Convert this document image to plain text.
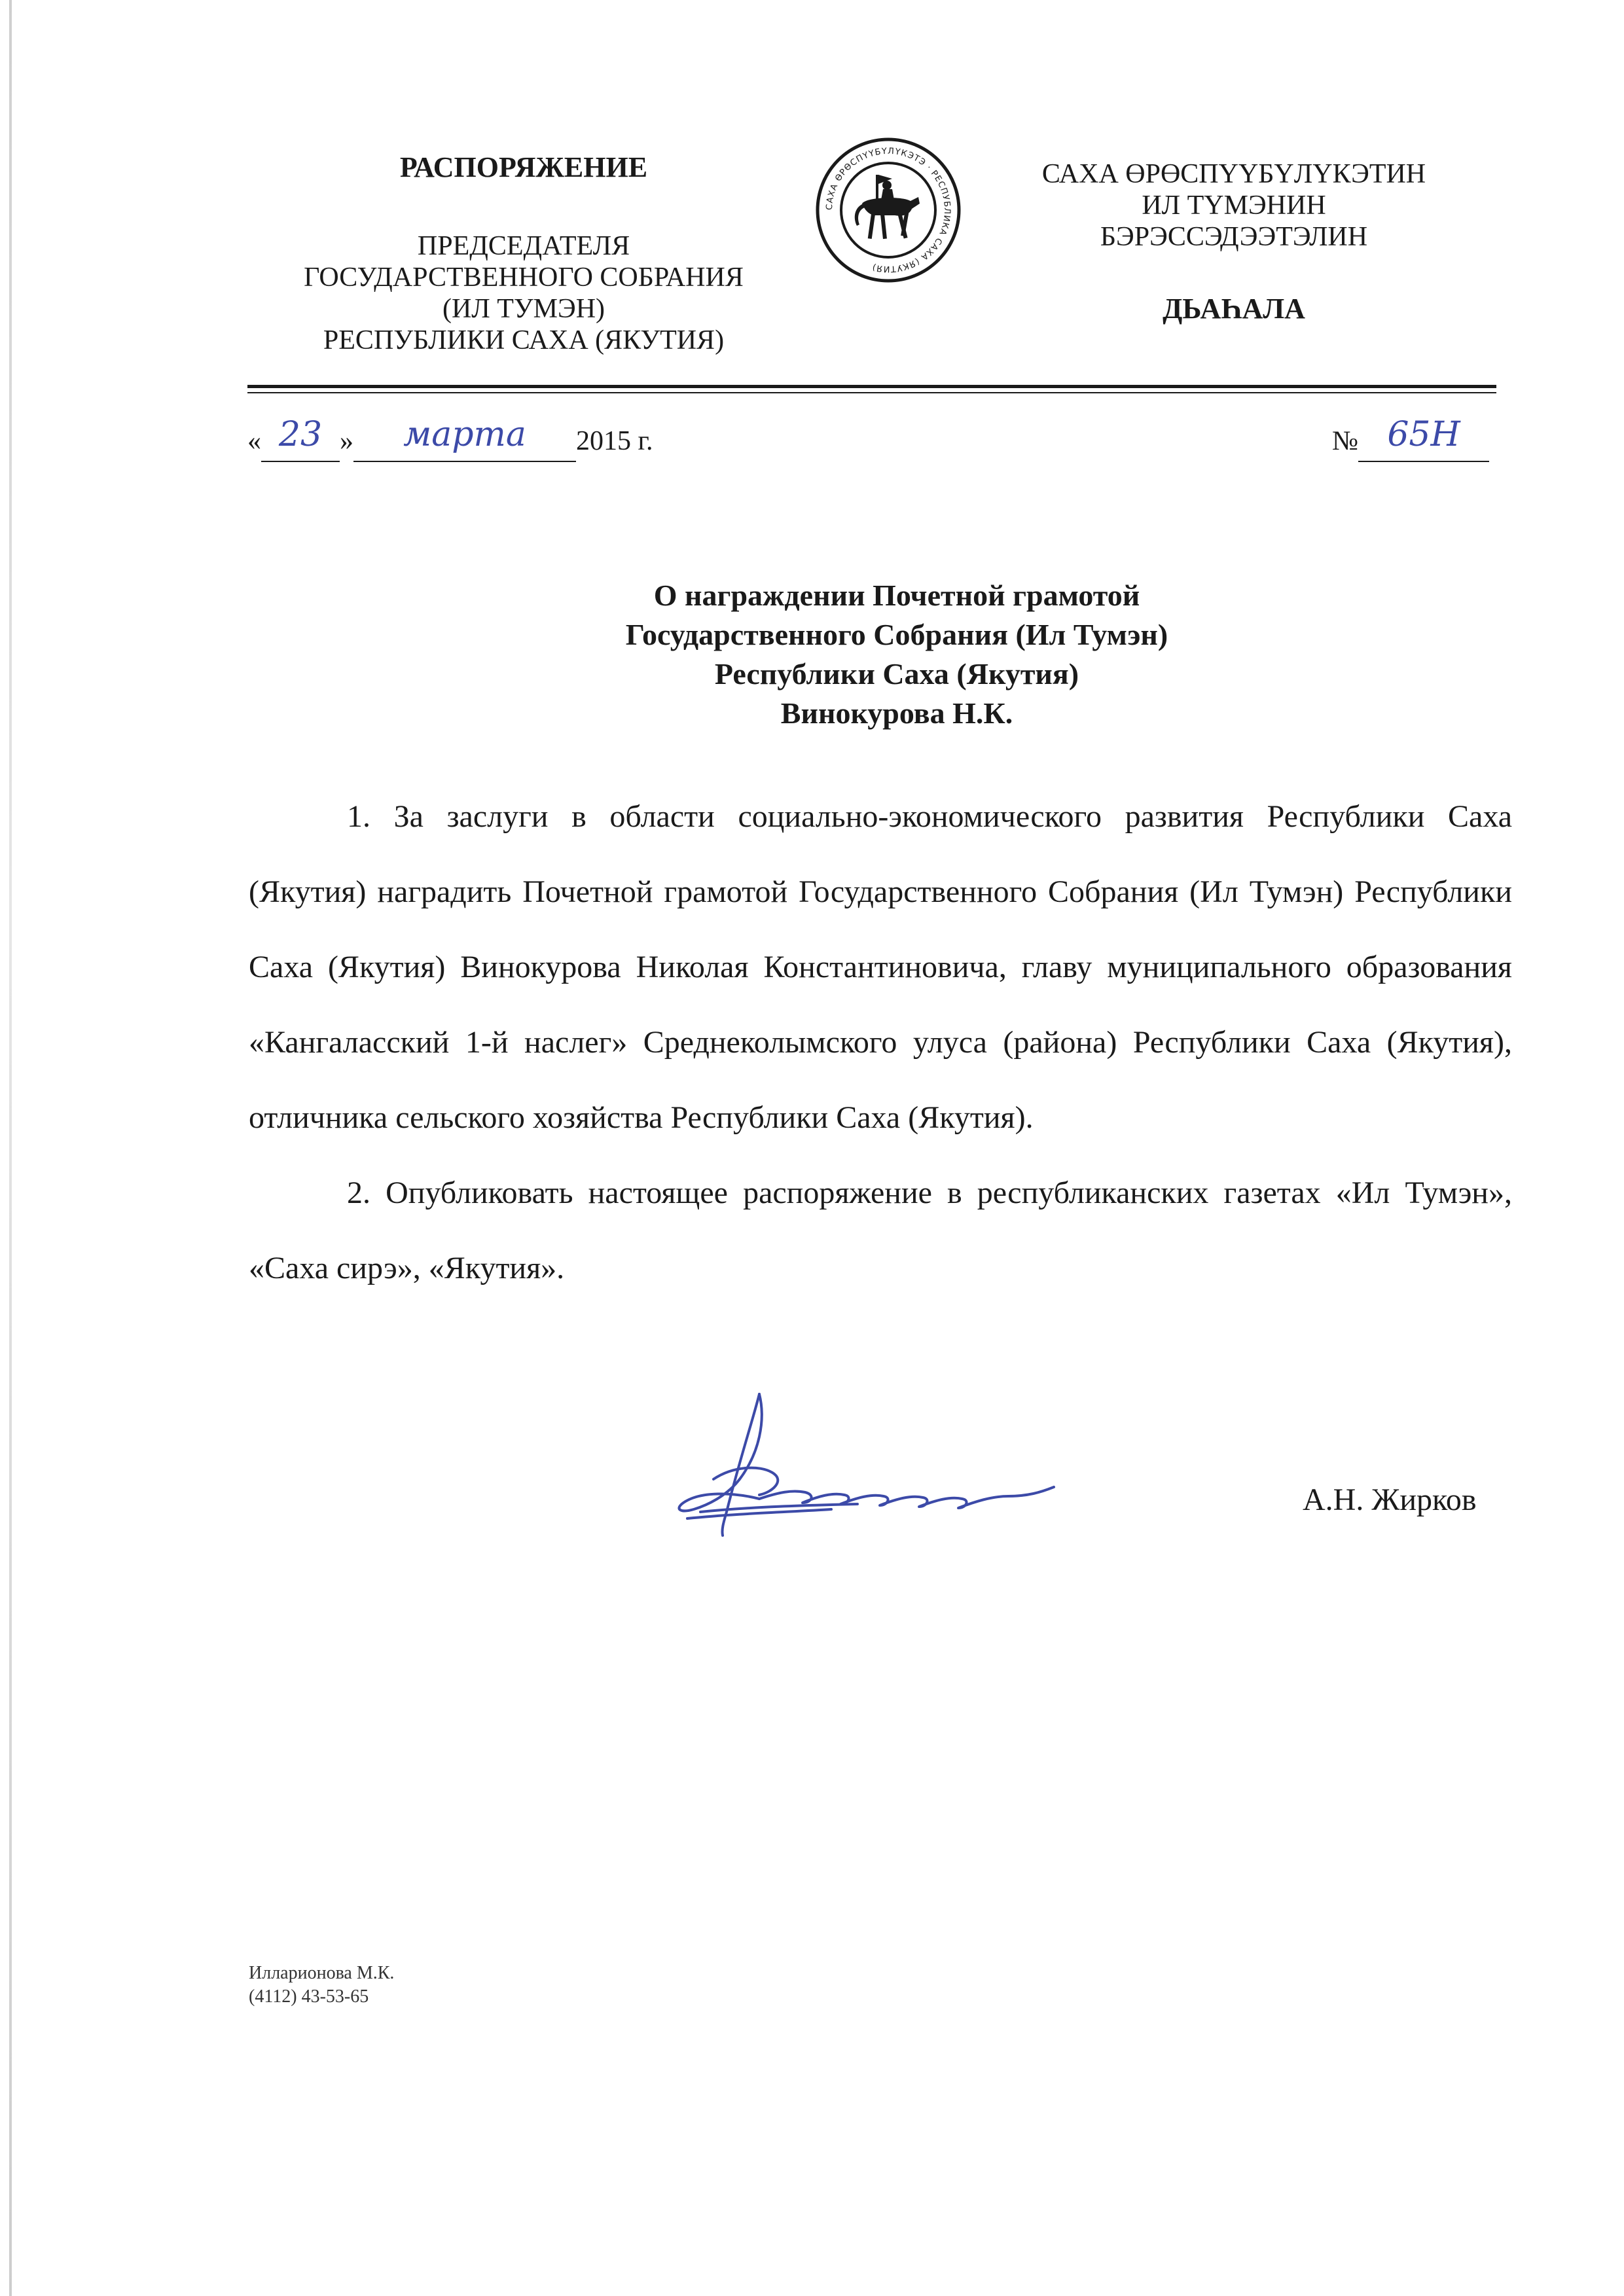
РАСПОРЯЖЕНИЕ
ПРЕДСЕДАТЕЛЯ
ГОСУДАРСТВЕННОГО СОБРАНИЯ
(ИЛ ТУМЭН)
РЕСПУБЛИКИ САХА (ЯКУТИЯ)
САХА ӨРӨСПҮҮБҮЛҮКЭТЭ · РЕСПУБЛИКА САХА (ЯКУТИЯ)
САХА ӨРӨСПҮҮБҮЛҮКЭТИН
ИЛ ТҮМЭНИН
БЭРЭССЭДЭЭТЭЛИН
ДЬАҺАЛА
« 23 » марта 2015 г.	№ 65Н
О награждении Почетной грамотой
Государственного Собрания (Ил Тумэн)
Республики Саха (Якутия)
Винокурова Н.К.

1. За заслуги в области социально-экономического развития Республики Саха (Якутия) наградить Почетной грамотой Государственного Собрания (Ил Тумэн) Республики Саха (Якутия) Винокурова Николая Константиновича, главу муниципального образования «Кангаласский 1-й наслег» Среднеколымского улуса (района) Республики Саха (Якутия), отличника сельского хозяйства Республики Саха (Якутия).

2. Опубликовать настоящее распоряжение в республиканских газетах «Ил Тумэн», «Саха сирэ», «Якутия».

А.Н. Жирков
Илларионова М.К.
(4112) 43-53-65
